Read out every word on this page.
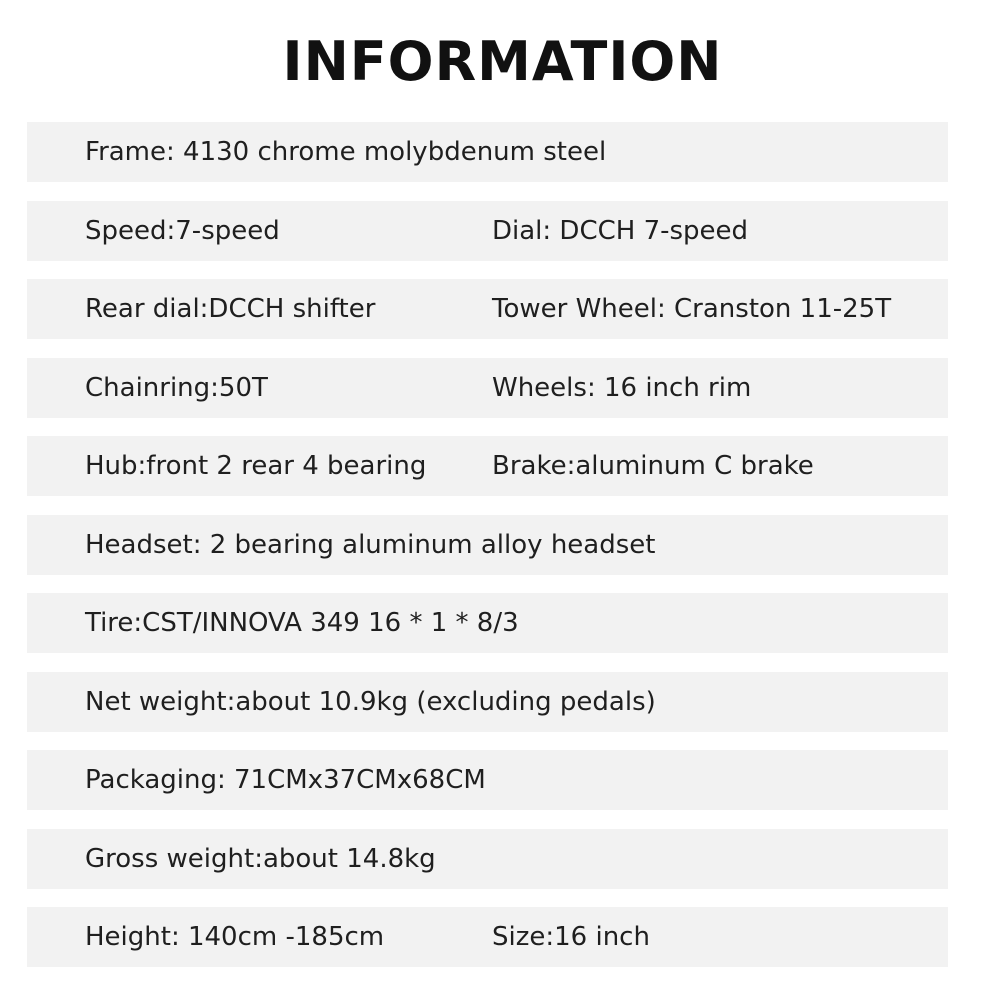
INFORMATION
Frame: 4130 chrome molybdenum steel
Speed:7-speed	Dial: DCCH 7-speed
Rear dial:DCCH shifter	Tower Wheel: Cranston 11-25T
Chainring:50T	Wheels: 16 inch rim
Hub:front 2 rear 4 bearing	Brake:aluminum C brake
Headset: 2 bearing aluminum alloy headset
Tire:CST/INNOVA 349 16 * 1 * 8/3
Net weight:about 10.9kg (excluding pedals)
Packaging: 71CMx37CMx68CM
Gross weight:about 14.8kg
Height: 140cm -185cm	Size:16 inch
